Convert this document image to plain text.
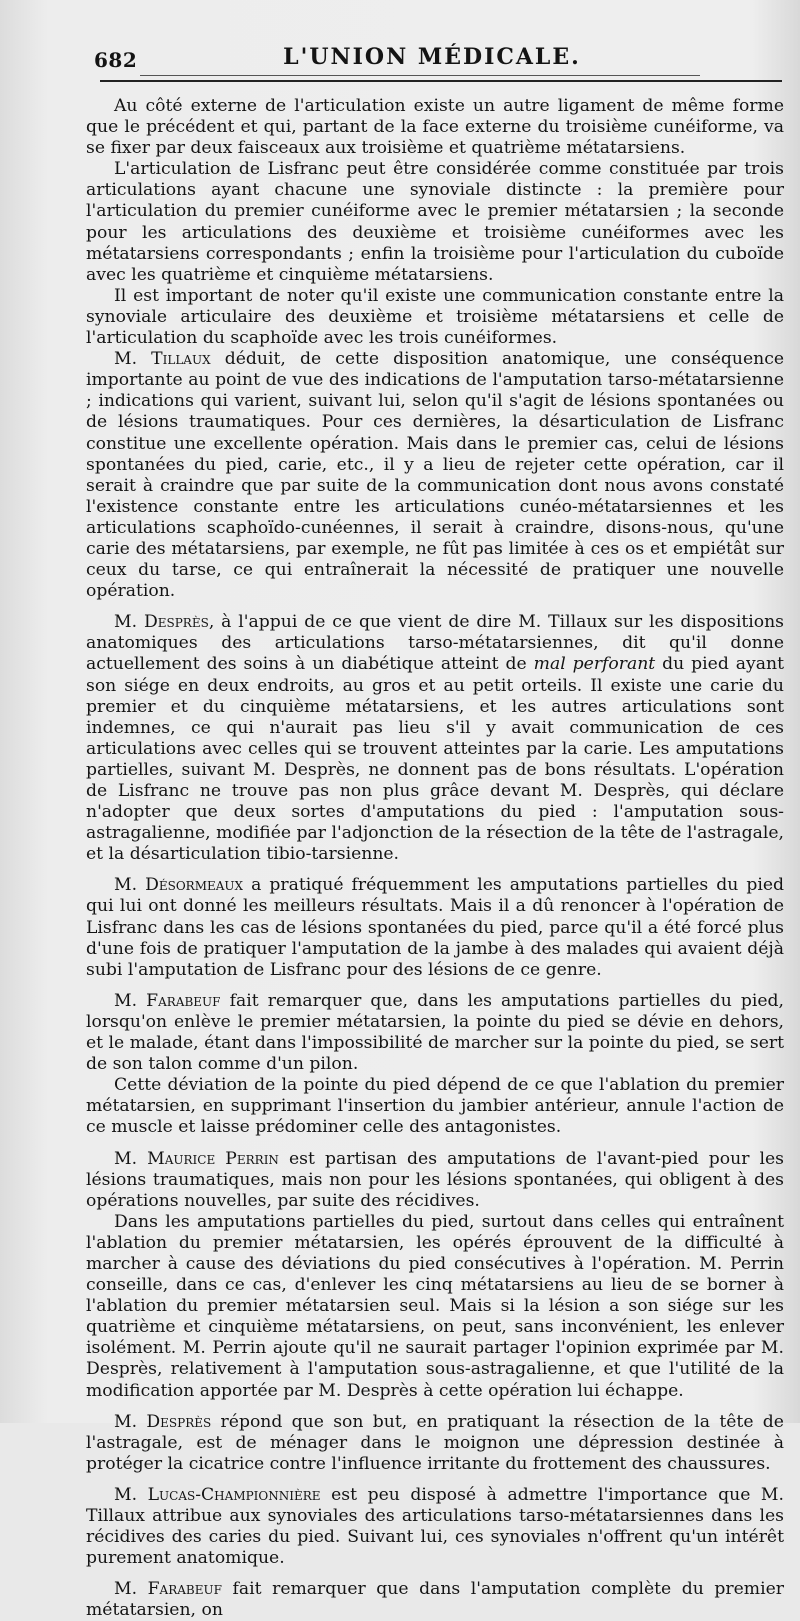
682	L'UNION MÉDICALE.

Au côté externe de l'articulation existe un autre ligament de même forme que le précédent et qui, partant de la face externe du troisième cunéiforme, va se fixer par deux faisceaux aux troisième et quatrième métatarsiens.

L'articulation de Lisfranc peut être considérée comme constituée par trois articulations ayant chacune une synoviale distincte : la première pour l'articulation du premier cunéiforme avec le premier métatarsien ; la seconde pour les articulations des deuxième et troisième cunéiformes avec les métatarsiens correspondants ; enfin la troisième pour l'articulation du cuboïde avec les quatrième et cinquième métatarsiens.

Il est important de noter qu'il existe une communication constante entre la synoviale articulaire des deuxième et troisième métatarsiens et celle de l'articulation du scaphoïde avec les trois cunéiformes.

M. Tillaux déduit, de cette disposition anatomique, une conséquence importante au point de vue des indications de l'amputation tarso-métatarsienne ; indications qui varient, suivant lui, selon qu'il s'agit de lésions spontanées ou de lésions traumatiques. Pour ces dernières, la désarticulation de Lisfranc constitue une excellente opération. Mais dans le premier cas, celui de lésions spontanées du pied, carie, etc., il y a lieu de rejeter cette opération, car il serait à craindre que par suite de la communication dont nous avons constaté l'existence constante entre les articulations cunéo-métatarsiennes et les articulations scaphoïdo-cunéennes, il serait à craindre, disons-nous, qu'une carie des métatarsiens, par exemple, ne fût pas limitée à ces os et empiétât sur ceux du tarse, ce qui entraînerait la nécessité de pratiquer une nouvelle opération.

M. Desprès, à l'appui de ce que vient de dire M. Tillaux sur les dispositions anatomiques des articulations tarso-métatarsiennes, dit qu'il donne actuellement des soins à un diabétique atteint de mal perforant du pied ayant son siége en deux endroits, au gros et au petit orteils. Il existe une carie du premier et du cinquième métatarsiens, et les autres articulations sont indemnes, ce qui n'aurait pas lieu s'il y avait communication de ces articulations avec celles qui se trouvent atteintes par la carie. Les amputations partielles, suivant M. Desprès, ne donnent pas de bons résultats. L'opération de Lisfranc ne trouve pas non plus grâce devant M. Desprès, qui déclare n'adopter que deux sortes d'amputations du pied : l'amputation sous-astragalienne, modifiée par l'adjonction de la résection de la tête de l'astragale, et la désarticulation tibio-tarsienne.

M. Désormeaux a pratiqué fréquemment les amputations partielles du pied qui lui ont donné les meilleurs résultats. Mais il a dû renoncer à l'opération de Lisfranc dans les cas de lésions spontanées du pied, parce qu'il a été forcé plus d'une fois de pratiquer l'amputation de la jambe à des malades qui avaient déjà subi l'amputation de Lisfranc pour des lésions de ce genre.

M. Farabeuf fait remarquer que, dans les amputations partielles du pied, lorsqu'on enlève le premier métatarsien, la pointe du pied se dévie en dehors, et le malade, étant dans l'impossibilité de marcher sur la pointe du pied, se sert de son talon comme d'un pilon.

Cette déviation de la pointe du pied dépend de ce que l'ablation du premier métatarsien, en supprimant l'insertion du jambier antérieur, annule l'action de ce muscle et laisse prédominer celle des antagonistes.

M. Maurice Perrin est partisan des amputations de l'avant-pied pour les lésions traumatiques, mais non pour les lésions spontanées, qui obligent à des opérations nouvelles, par suite des récidives.

Dans les amputations partielles du pied, surtout dans celles qui entraînent l'ablation du premier métatarsien, les opérés éprouvent de la difficulté à marcher à cause des déviations du pied consécutives à l'opération. M. Perrin conseille, dans ce cas, d'enlever les cinq métatarsiens au lieu de se borner à l'ablation du premier métatarsien seul. Mais si la lésion a son siége sur les quatrième et cinquième métatarsiens, on peut, sans inconvénient, les enlever isolément. M. Perrin ajoute qu'il ne saurait partager l'opinion exprimée par M. Desprès, relativement à l'amputation sous-astragalienne, et que l'utilité de la modification apportée par M. Desprès à cette opération lui échappe.

M. Desprès répond que son but, en pratiquant la résection de la tête de l'astragale, est de ménager dans le moignon une dépression destinée à protéger la cicatrice contre l'influence irritante du frottement des chaussures.

M. Lucas-Championnière est peu disposé à admettre l'importance que M. Tillaux attribue aux synoviales des articulations tarso-métatarsiennes dans les récidives des caries du pied. Suivant lui, ces synoviales n'offrent qu'un intérêt purement anatomique.

M. Farabeuf fait remarquer que dans l'amputation complète du premier métatarsien, on
